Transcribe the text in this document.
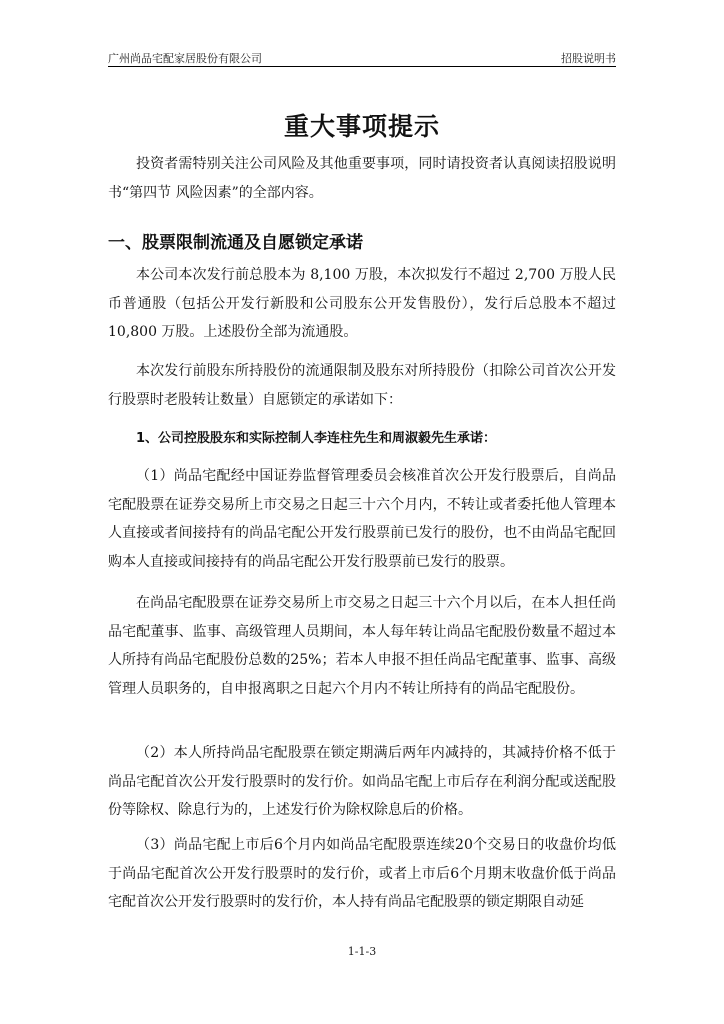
广州尚品宅配家居股份有限公司	招股说明书
重大事项提示
投资者需特别关注公司风险及其他重要事项，同时请投资者认真阅读招股说明书“第四节 风险因素”的全部内容。
一、股票限制流通及自愿锁定承诺
本公司本次发行前总股本为 8,100 万股，本次拟发行不超过 2,700 万股人民币普通股（包括公开发行新股和公司股东公开发售股份），发行后总股本不超过 10,800 万股。上述股份全部为流通股。
本次发行前股东所持股份的流通限制及股东对所持股份（扣除公司首次公开发行股票时老股转让数量）自愿锁定的承诺如下：
1、公司控股股东和实际控制人李连柱先生和周淑毅先生承诺：
（1）尚品宅配经中国证券监督管理委员会核准首次公开发行股票后，自尚品宅配股票在证券交易所上市交易之日起三十六个月内，不转让或者委托他人管理本人直接或者间接持有的尚品宅配公开发行股票前已发行的股份，也不由尚品宅配回购本人直接或间接持有的尚品宅配公开发行股票前已发行的股票。
在尚品宅配股票在证券交易所上市交易之日起三十六个月以后，在本人担任尚品宅配董事、监事、高级管理人员期间，本人每年转让尚品宅配股份数量不超过本人所持有尚品宅配股份总数的25%；若本人申报不担任尚品宅配董事、监事、高级管理人员职务的，自申报离职之日起六个月内不转让所持有的尚品宅配股份。
（2）本人所持尚品宅配股票在锁定期满后两年内减持的，其减持价格不低于尚品宅配首次公开发行股票时的发行价。如尚品宅配上市后存在利润分配或送配股份等除权、除息行为的，上述发行价为除权除息后的价格。
（3）尚品宅配上市后6个月内如尚品宅配股票连续20个交易日的收盘价均低于尚品宅配首次公开发行股票时的发行价，或者上市后6个月期末收盘价低于尚品宅配首次公开发行股票时的发行价，本人持有尚品宅配股票的锁定期限自动延
1-1-3
